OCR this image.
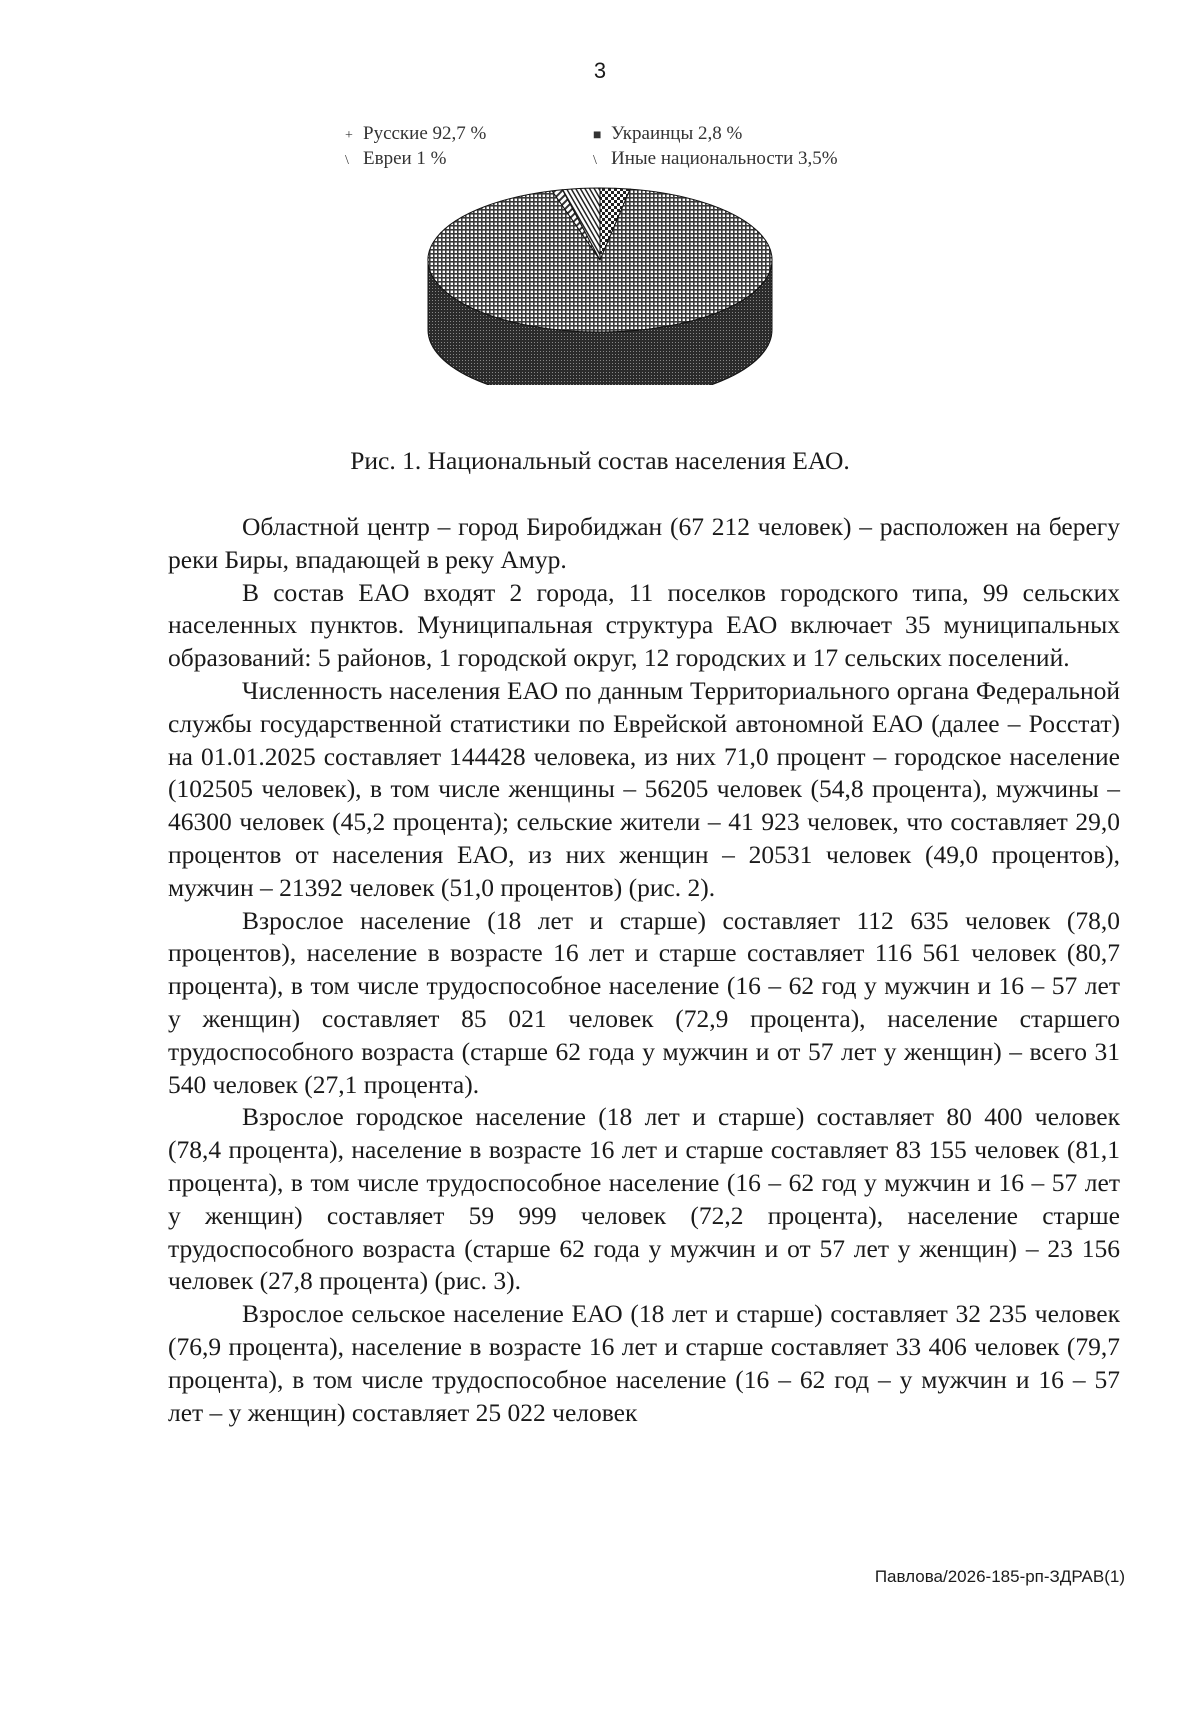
3
+ Русские 92,7 %	■ Украинцы 2,8 %
\ Евреи 1 %	\ Иные национальности 3,5%
Рис. 1. Национальный состав населения ЕАО.

Областной центр – город Биробиджан (67 212 человек) – расположен на берегу реки Биры, впадающей в реку Амур.

В состав ЕАО входят 2 города, 11 поселков городского типа, 99 сельских населенных пунктов. Муниципальная структура ЕАО включает 35 муниципальных образований: 5 районов, 1 городской округ, 12 городских и 17 сельских поселений.

Численность населения ЕАО по данным Территориального органа Федеральной службы государственной статистики по Еврейской автономной ЕАО (далее – Росстат) на 01.01.2025 составляет 144428 человека, из них 71,0 процент – городское население (102505 человек), в том числе женщины – 56205 человек (54,8 процента), мужчины – 46300 человек (45,2 процента); сельские жители – 41 923 человек, что составляет 29,0 процентов от населения ЕАО, из них женщин – 20531 человек (49,0 процентов), мужчин – 21392 человек (51,0 процентов) (рис. 2).

Взрослое население (18 лет и старше) составляет 112 635 человек (78,0 процентов), население в возрасте 16 лет и старше составляет 116 561 человек (80,7 процента), в том числе трудоспособное население (16 – 62 год у мужчин и 16 – 57 лет у женщин) составляет 85 021 человек (72,9 процента), население старшего трудоспособного возраста (старше 62 года у мужчин и от 57 лет у женщин) – всего 31 540 человек (27,1 процента).

Взрослое городское население (18 лет и старше) составляет 80 400 человек (78,4 процента), население в возрасте 16 лет и старше составляет 83 155 человек (81,1 процента), в том числе трудоспособное население (16 – 62 год у мужчин и 16 – 57 лет у женщин) составляет 59 999 человек (72,2 процента), население старше трудоспособного возраста (старше 62 года у мужчин и от 57 лет у женщин) – 23 156 человек (27,8 процента) (рис. 3).

Взрослое сельское население ЕАО (18 лет и старше) составляет 32 235 человек (76,9 процента), население в возрасте 16 лет и старше составляет 33 406 человек (79,7 процента), в том числе трудоспособное население (16 – 62 год – у мужчин и 16 – 57 лет – у женщин) составляет 25 022 человек

Павлова/2026-185-рп-ЗДРАВ(1)
